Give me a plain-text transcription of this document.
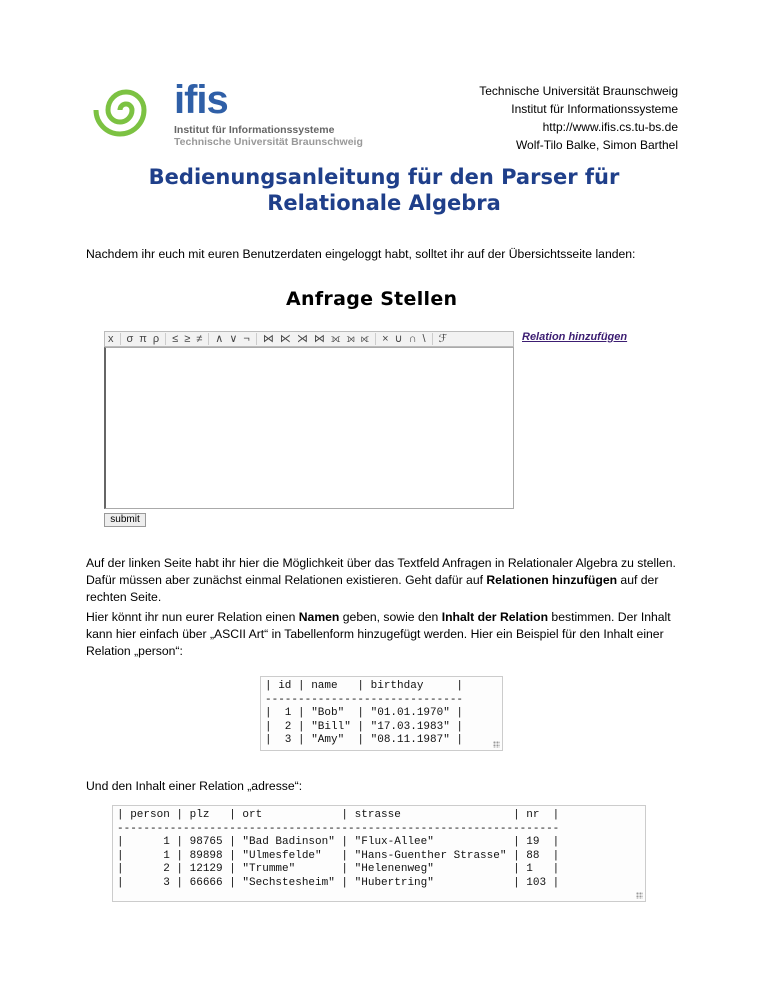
ifis
Institut für Informationssysteme
Technische Universität Braunschweig
Technische Universität Braunschweig
Institut für Informationssysteme
http://www.ifis.cs.tu-bs.de
Wolf-Tilo Balke, Simon Barthel
Bedienungsanleitung für den Parser für Relationale Algebra

Nachdem ihr euch mit euren Benutzerdaten eingeloggt habt, solltet ihr auf der Übersichtsseite landen:

Anfrage Stellen
x σ π ρ ≤ ≥ ≠ ∧ ∨ ¬ ⋈ ⋉ ⋊ ⋈ ⟗ ⟕ ⟖ × ∪ ∩ \ ℱ	Relation hinzufügen
submit

Auf der linken Seite habt ihr hier die Möglichkeit über das Textfeld Anfragen in Relationaler Algebra zu stellen. Dafür müssen aber zunächst einmal Relationen existieren. Geht dafür auf Relationen hinzufügen auf der rechten Seite.

Hier könnt ihr nun eurer Relation einen Namen geben, sowie den Inhalt der Relation bestimmen. Der Inhalt kann hier einfach über „ASCII Art“ in Tabellenform hinzugefügt werden. Hier ein Beispiel für den Inhalt einer Relation „person“:

| id | name   | birthday     |
------------------------------
|  1 | "Bob"  | "01.01.1970" |
|  2 | "Bill" | "17.03.1983" |
|  3 | "Amy"  | "08.11.1987" |

Und den Inhalt einer Relation „adresse“:

| person | plz   | ort            | strasse                 | nr  |
-------------------------------------------------------------------
|      1 | 98765 | "Bad Badinson" | "Flux-Allee"            | 19  |
|      1 | 89898 | "Ulmesfelde"   | "Hans-Guenther Strasse" | 88  |
|      2 | 12129 | "Trumme"       | "Helenenweg"            | 1   |
|      3 | 66666 | "Sechstesheim" | "Hubertring"            | 103 |
